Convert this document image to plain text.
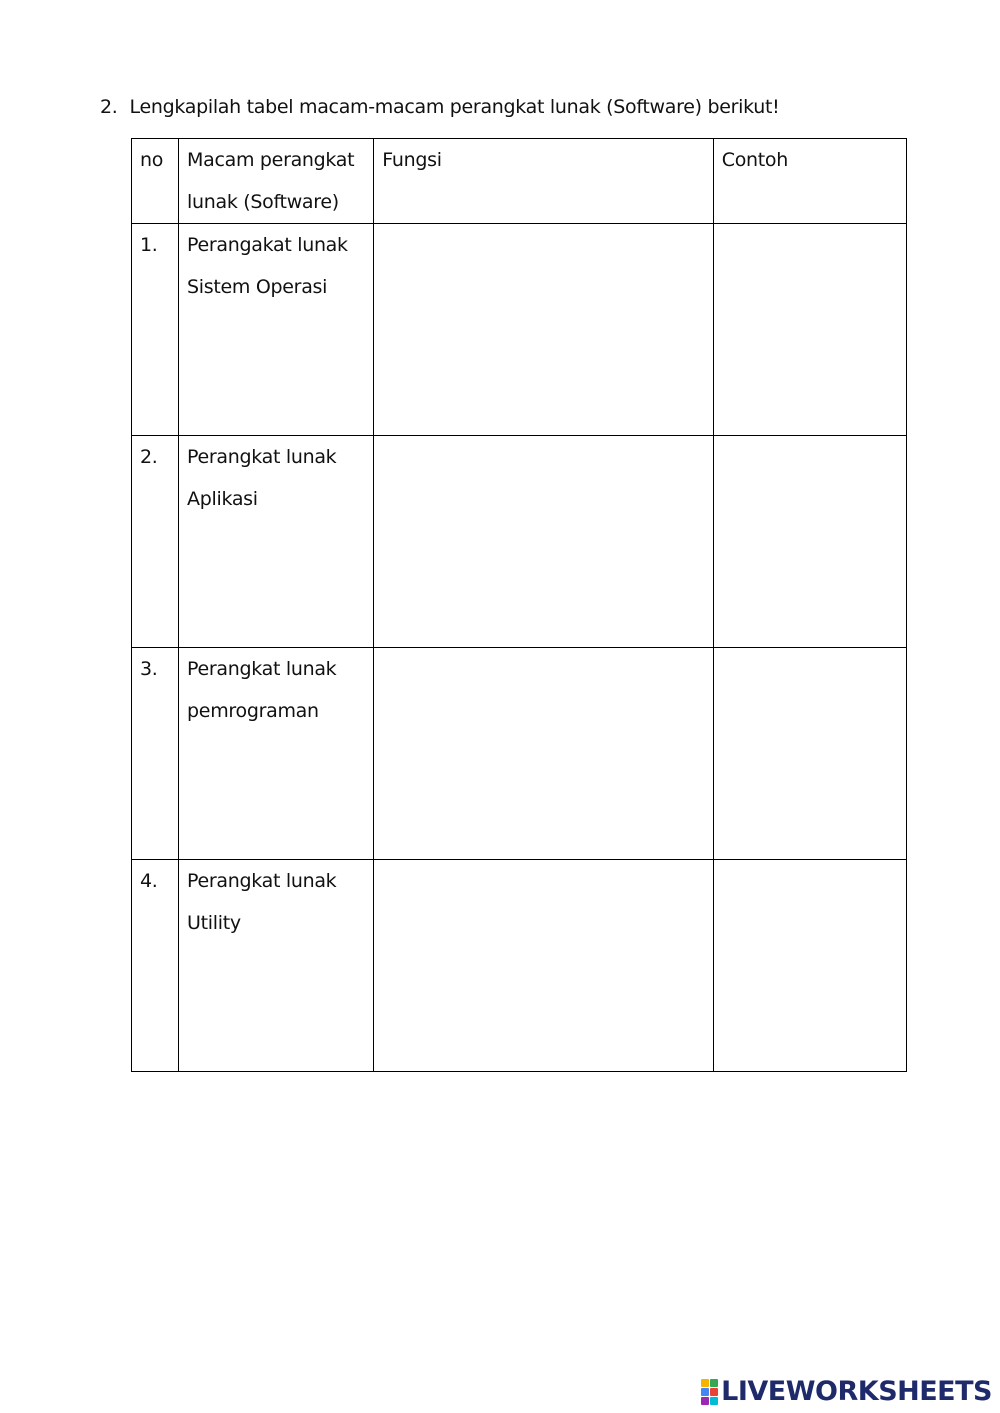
2. Lengkapilah tabel macam-macam perangkat lunak (Software) berikut!
no	Macam perangkat
lunak (Software)	Fungsi	Contoh

1.	Perangakat lunak
Sistem Operasi		

2.	Perangkat lunak
Aplikasi		

3.	Perangkat lunak
pemrograman		

4.	Perangkat lunak
Utility		

LIVEWORKSHEETS
